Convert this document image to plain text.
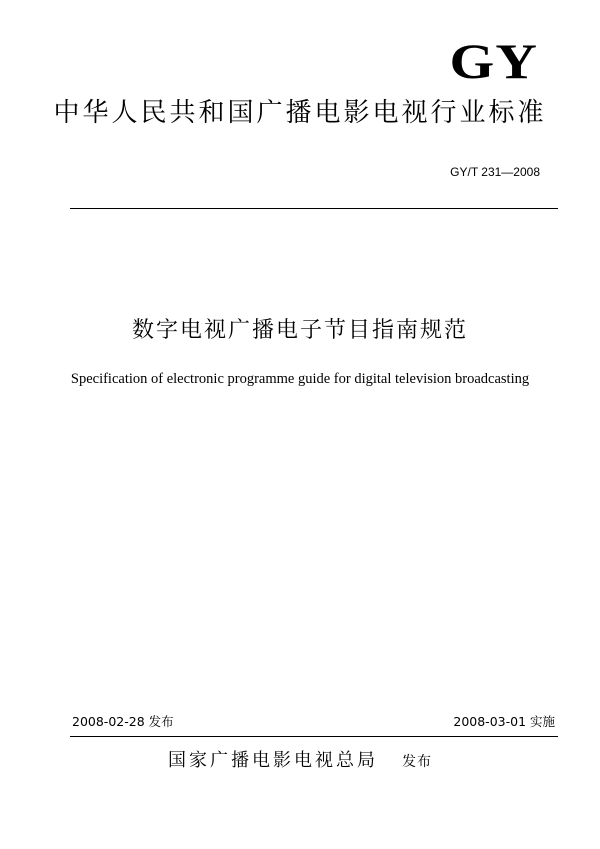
GY
中华人民共和国广播电影电视行业标准
GY/T 231—2008
数字电视广播电子节目指南规范
Specification of electronic programme guide for digital television broadcasting
2008-02-28 发布	2008-03-01 实施
国家广播电影电视总局 发布
